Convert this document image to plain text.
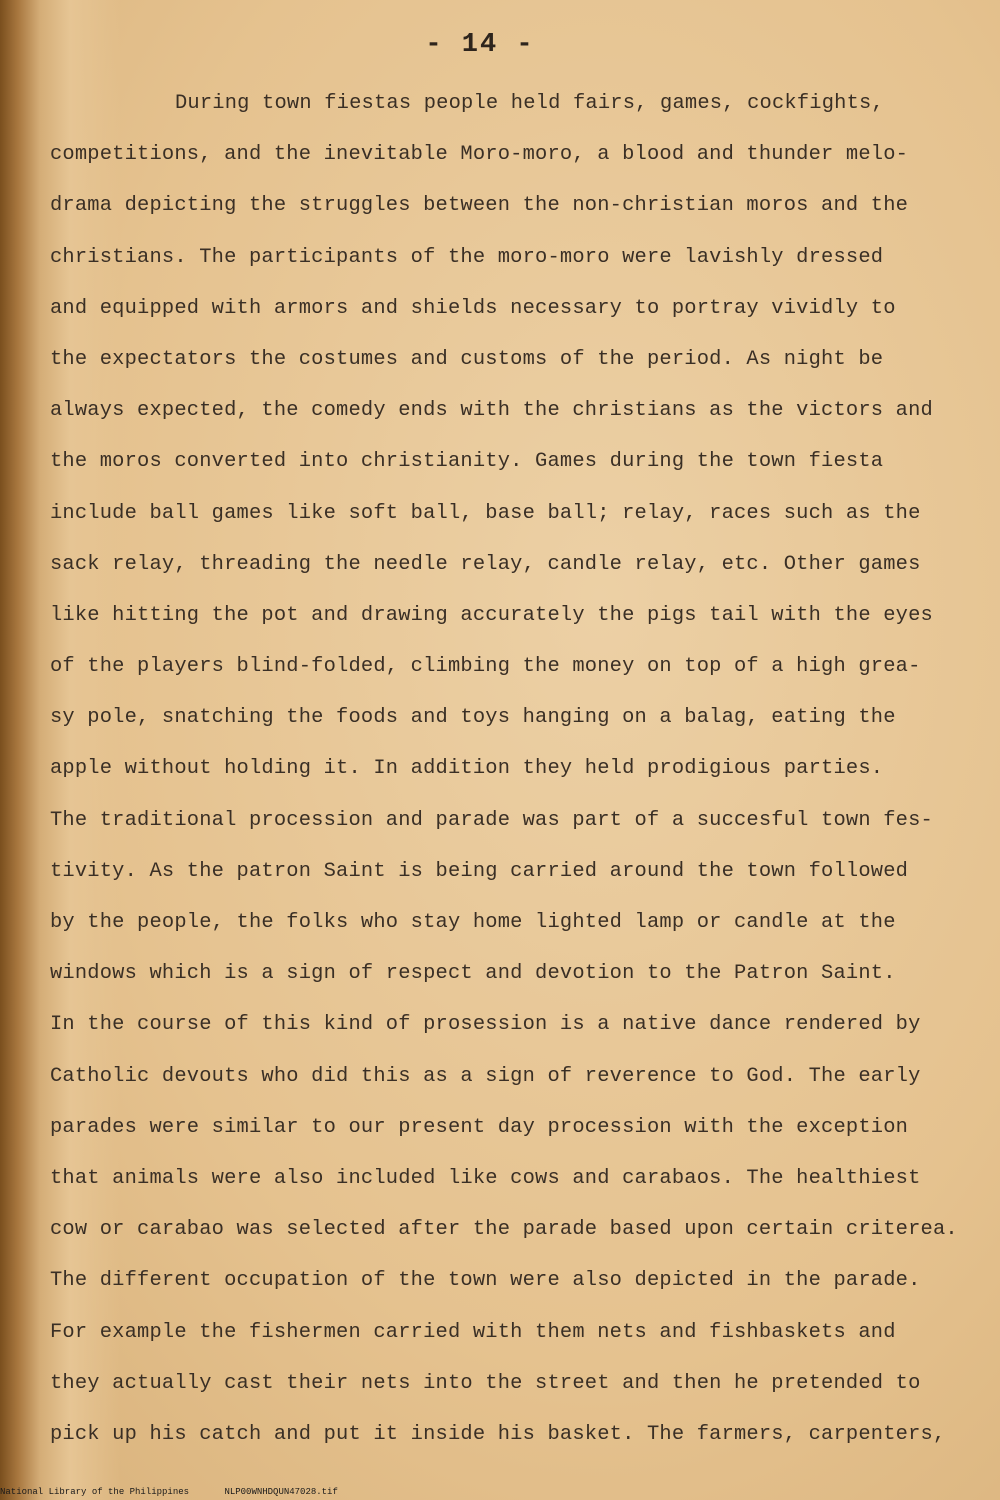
- 14 -
During town fiestas people held fairs, games, cockfights,
competitions, and the inevitable Moro-moro, a blood and thunder melo-
drama depicting the struggles between the non-christian moros and the
christians. The participants of the moro-moro were lavishly dressed
and equipped with armors and shields necessary to portray vividly to
the expectators the costumes and customs of the period. As night be
always expected, the comedy ends with the christians as the victors and
the moros converted into christianity. Games during the town fiesta
include ball games like soft ball, base ball; relay, races such as the
sack relay, threading the needle relay, candle relay, etc. Other games
like hitting the pot and drawing accurately the pigs tail with the eyes
of the players blind-folded, climbing the money on top of a high grea-
sy pole, snatching the foods and toys hanging on a balag, eating the
apple without holding it. In addition they held prodigious parties.
The traditional procession and parade was part of a succesful town fes-
tivity. As the patron Saint is being carried around the town followed
by the people, the folks who stay home lighted lamp or candle at the
windows which is a sign of respect and devotion to the Patron Saint.
In the course of this kind of prosession is a native dance rendered by
Catholic devouts who did this as a sign of reverence to God. The early
parades were similar to our present day procession with the exception
that animals were also included like cows and carabaos. The healthiest
cow or carabao was selected after the parade based upon certain criterea.
The different occupation of the town were also depicted in the parade.
For example the fishermen carried with them nets and fishbaskets and
they actually cast their nets into the street and then he pretended to
pick up his catch and put it inside his basket. The farmers, carpenters,
National Library of the Philippines	NLP00WNHDQUN47028.tif
